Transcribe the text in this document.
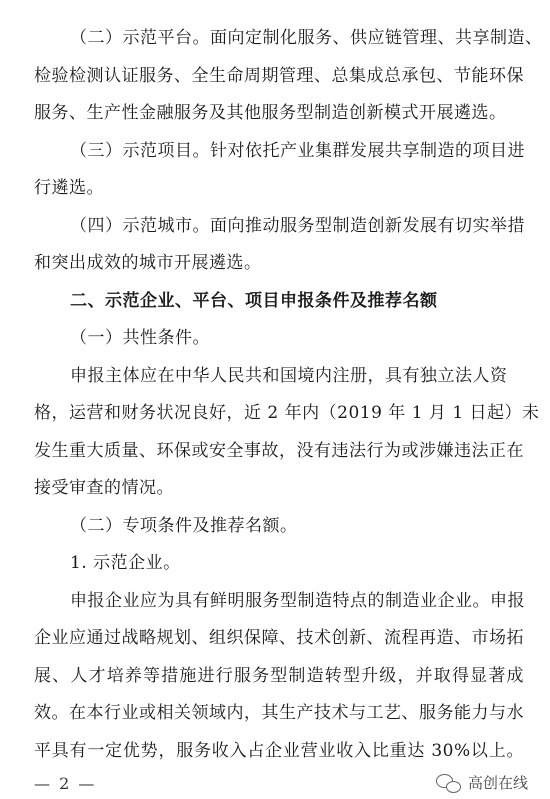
（二）示范平台。面向定制化服务、供应链管理、共享制造、
检验检测认证服务、全生命周期管理、总集成总承包、节能环保
服务、生产性金融服务及其他服务型制造创新模式开展遴选。
（三）示范项目。针对依托产业集群发展共享制造的项目进
行遴选。
（四）示范城市。面向推动服务型制造创新发展有切实举措
和突出成效的城市开展遴选。
二、示范企业、平台、项目申报条件及推荐名额
（一）共性条件。
申报主体应在中华人民共和国境内注册，具有独立法人资
格，运营和财务状况良好，近 2 年内（2019 年 1 月 1 日起）未
发生重大质量、环保或安全事故，没有违法行为或涉嫌违法正在
接受审查的情况。
（二）专项条件及推荐名额。
1. 示范企业。
申报企业应为具有鲜明服务型制造特点的制造业企业。申报
企业应通过战略规划、组织保障、技术创新、流程再造、市场拓
展、人才培养等措施进行服务型制造转型升级，并取得显著成
效。在本行业或相关领域内，其生产技术与工艺、服务能力与水
平具有一定优势，服务收入占企业营业收入比重达 30%以上。
— 2 —	高创在线
